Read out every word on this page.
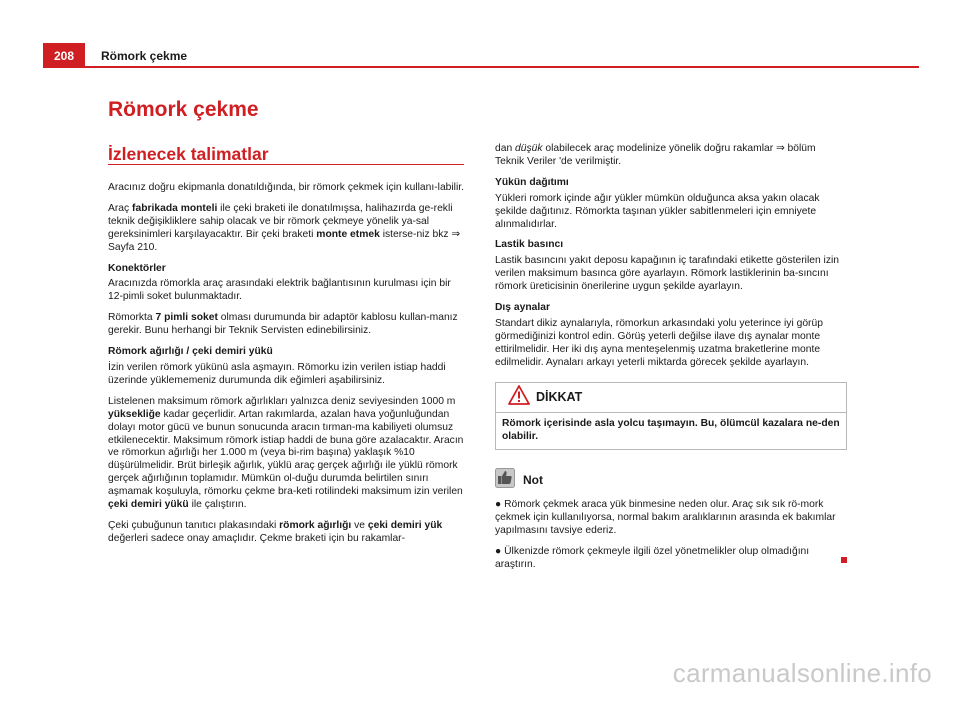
208	Römork çekme
Römork çekme
İzlenecek talimatlar

Aracınız doğru ekipmanla donatıldığında, bir römork çekmek için kullanı-labilir.

Araç fabrikada monteli ile çeki braketi ile donatılmışsa, halihazırda ge-rekli teknik değişikliklere sahip olacak ve bir römork çekmeye yönelik ya-sal gereksinimleri karşılayacaktır. Bir çeki braketi monte etmek isterse-niz bkz ⇒ Sayfa 210.

Konektörler

Aracınızda römorkla araç arasındaki elektrik bağlantısının kurulması için bir 12-pimli soket bulunmaktadır.

Römorkta 7 pimli soket olması durumunda bir adaptör kablosu kullan-manız gerekir. Bunu herhangi bir Teknik Servisten edinebilirsiniz.

Römork ağırlığı / çeki demiri yükü

İzin verilen römork yükünü asla aşmayın. Römorku izin verilen istiap haddi üzerinde yüklememeniz durumunda dik eğimleri aşabilirsiniz.

Listelenen maksimum römork ağırlıkları yalnızca deniz seviyesinden 1000 m yüksekliğe kadar geçerlidir. Artan rakımlarda, azalan hava yoğunluğundan dolayı motor gücü ve bunun sonucunda aracın tırman-ma kabiliyeti olumsuz etkilenecektir. Maksimum römork istiap haddi de buna göre azalacaktır. Aracın ve römorkun ağırlığı her 1.000 m (veya bi-rim başına) yaklaşık %10 düşürülmelidir. Brüt birleşik ağırlık, yüklü araç gerçek ağırlığı ile yüklü römork gerçek ağırlığının toplamıdır. Mümkün ol-duğu durumda belirtilen sınırı aşmamak koşuluyla, römorku çekme bra-keti rotilindeki maksimum izin verilen çeki demiri yükü ile çalıştırın.

Çeki çubuğunun tanıtıcı plakasındaki römork ağırlığı ve çeki demiri yük değerleri sadece onay amaçlıdır. Çekme braketi için bu rakamlar-

dan düşük olabilecek araç modelinize yönelik doğru rakamlar ⇒ bölüm Teknik Veriler 'de verilmiştir.

Yükün dağıtımı

Yükleri romork içinde ağır yükler mümkün olduğunca aksa yakın olacak şekilde dağıtınız. Römorkta taşınan yükler sabitlenmeleri için emniyete alınmalıdırlar.

Lastik basıncı

Lastik basıncını yakıt deposu kapağının iç tarafındaki etikette gösterilen izin verilen maksimum basınca göre ayarlayın. Römork lastiklerinin ba-sıncını römork üreticisinin önerilerine uygun şekilde ayarlayın.

Dış aynalar

Standart dikiz aynalarıyla, römorkun arkasındaki yolu yeterince iyi görüp görmediğinizi kontrol edin. Görüş yeterli değilse ilave dış aynalar monte ettirilmelidir. Her iki dış ayna menteşelenmiş uzatma braketlerine monte edilmelidir. Aynaları arkayı yeterli miktarda görecek şekilde ayarlayın.

DİKKAT
Römork içerisinde asla yolcu taşımayın. Bu, ölümcül kazalara ne-den olabilir.
Not

● Römork çekmek araca yük binmesine neden olur. Araç sık sık rö-mork çekmek için kullanılıyorsa, normal bakım aralıklarının arasında ek bakımlar yapılmasını tavsiye ederiz.

● Ülkenizde römork çekmeyle ilgili özel yönetmelikler olup olmadığını araştırın.

carmanualsonline.info
